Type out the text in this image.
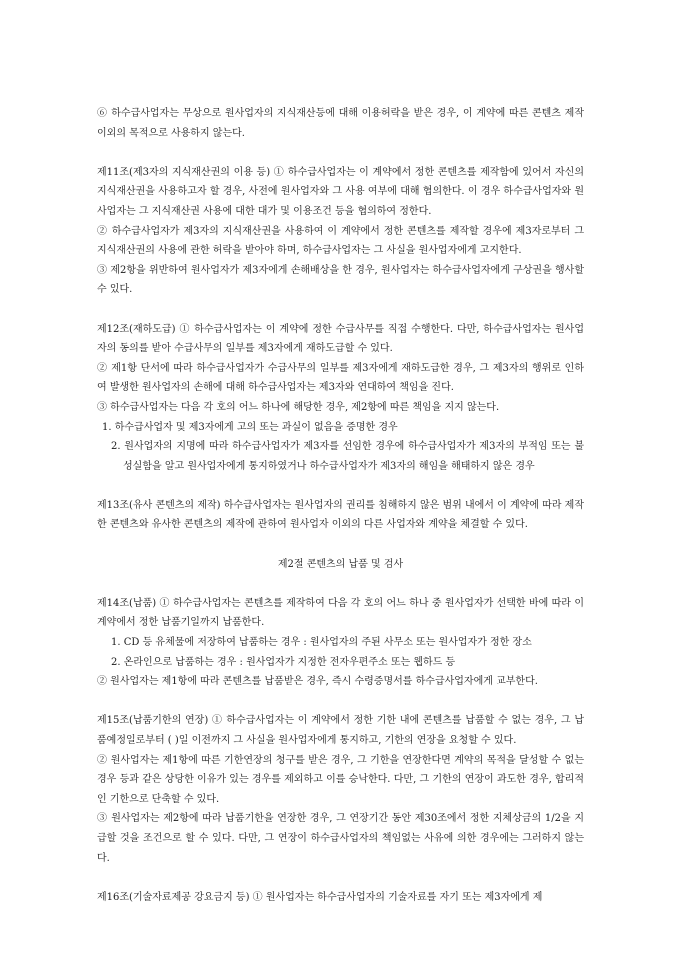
⑥ 하수급사업자는 무상으로 원사업자의 지식재산등에 대해 이용허락을 받은 경우, 이 계약에 따른 콘텐츠 제작 이외의 목적으로 사용하지 않는다.

제11조(제3자의 지식재산권의 이용 등) ① 하수급사업자는 이 계약에서 정한 콘텐츠를 제작함에 있어서 자신의 지식재산권을 사용하고자 할 경우, 사전에 원사업자와 그 사용 여부에 대해 협의한다. 이 경우 하수급사업자와 원사업자는 그 지식재산권 사용에 대한 대가 및 이용조건 등을 협의하여 정한다.

② 하수급사업자가 제3자의 지식재산권을 사용하여 이 계약에서 정한 콘텐츠를 제작할 경우에 제3자로부터 그 지식재산권의 사용에 관한 허락을 받아야 하며, 하수급사업자는 그 사실을 원사업자에게 고지한다.

③ 제2항을 위반하여 원사업자가 제3자에게 손해배상을 한 경우, 원사업자는 하수급사업자에게 구상권을 행사할 수 있다.

제12조(재하도급) ① 하수급사업자는 이 계약에 정한 수급사무를 직접 수행한다. 다만, 하수급사업자는 원사업자의 동의를 받아 수급사무의 일부를 제3자에게 재하도급할 수 있다.

② 제1항 단서에 따라 하수급사업자가 수급사무의 일부를 제3자에게 재하도급한 경우, 그 제3자의 행위로 인하여 발생한 원사업자의 손해에 대해 하수급사업자는 제3자와 연대하여 책임을 진다.

③ 하수급사업자는 다음 각 호의 어느 하나에 해당한 경우, 제2항에 따른 책임을 지지 않는다.

1. 하수급사업자 및 제3자에게 고의 또는 과실이 없음을 증명한 경우

2. 원사업자의 지명에 따라 하수급사업자가 제3자를 선임한 경우에 하수급사업자가 제3자의 부적임 또는 불성실함을 알고 원사업자에게 통지하였거나 하수급사업자가 제3자의 해임을 해태하지 않은 경우

제13조(유사 콘텐츠의 제작) 하수급사업자는 원사업자의 권리를 침해하지 않은 범위 내에서 이 계약에 따라 제작한 콘텐츠와 유사한 콘텐츠의 제작에 관하여 원사업자 이외의 다른 사업자와 계약을 체결할 수 있다.

제2절 콘텐츠의 납품 및 검사

제14조(납품) ① 하수급사업자는 콘텐츠를 제작하여 다음 각 호의 어느 하나 중 원사업자가 선택한 바에 따라 이 계약에서 정한 납품기일까지 납품한다.

1. CD 등 유체물에 저장하여 납품하는 경우 : 원사업자의 주된 사무소 또는 원사업자가 정한 장소

2. 온라인으로 납품하는 경우 : 원사업자가 지정한 전자우편주소 또는 웹하드 등

② 원사업자는 제1항에 따라 콘텐츠를 납품받은 경우, 즉시 수령증명서를 하수급사업자에게 교부한다.

제15조(납품기한의 연장) ① 하수급사업자는 이 계약에서 정한 기한 내에 콘텐츠를 납품할 수 없는 경우, 그 납품예정일로부터 ( )일 이전까지 그 사실을 원사업자에게 통지하고, 기한의 연장을 요청할 수 있다.

② 원사업자는 제1항에 따른 기한연장의 청구를 받은 경우, 그 기한을 연장한다면 계약의 목적을 달성할 수 없는 경우 등과 같은 상당한 이유가 있는 경우를 제외하고 이를 승낙한다. 다만, 그 기한의 연장이 과도한 경우, 합리적인 기한으로 단축할 수 있다.

③ 원사업자는 제2항에 따라 납품기한을 연장한 경우, 그 연장기간 동안 제30조에서 정한 지체상금의 1/2을 지급할 것을 조건으로 할 수 있다. 다만, 그 연장이 하수급사업자의 책임없는 사유에 의한 경우에는 그러하지 않는다.

제16조(기술자료제공 강요금지 등) ① 원사업자는 하수급사업자의 기술자료를 자기 또는 제3자에게 제
